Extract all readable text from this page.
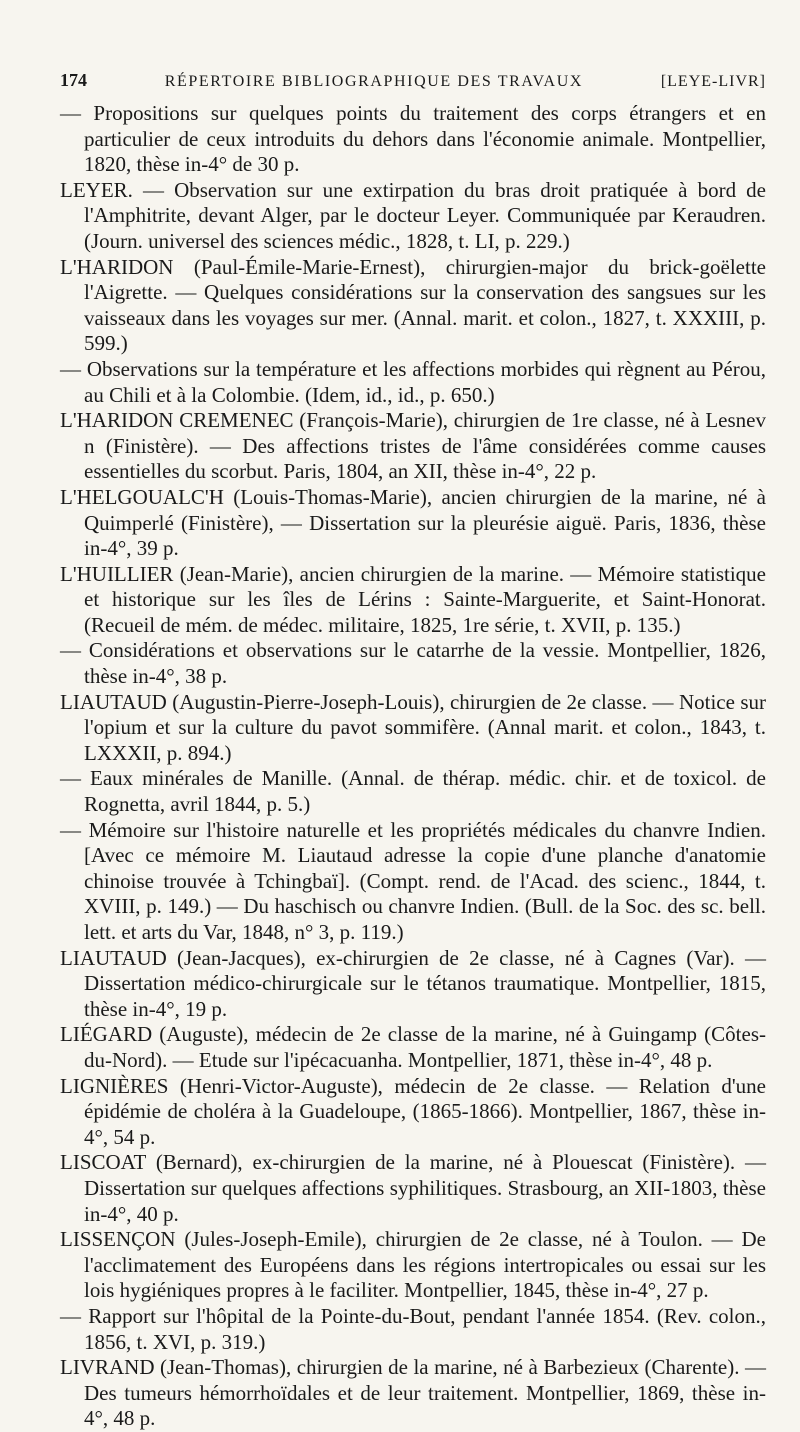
174	RÉPERTOIRE BIBLIOGRAPHIQUE DES TRAVAUX	[LEYE-LIVR]

— Propositions sur quelques points du traitement des corps étrangers et en particulier de ceux introduits du dehors dans l'économie animale. Montpellier, 1820, thèse in-4° de 30 p.

LEYER. — Observation sur une extirpation du bras droit pratiquée à bord de l'Amphitrite, devant Alger, par le docteur Leyer. Communiquée par Keraudren. (Journ. universel des sciences médic., 1828, t. LI, p. 229.)

L'HARIDON (Paul-Émile-Marie-Ernest), chirurgien-major du brick-goëlette l'Aigrette. — Quelques considérations sur la conservation des sangsues sur les vaisseaux dans les voyages sur mer. (Annal. marit. et colon., 1827, t. XXXIII, p. 599.)

— Observations sur la température et les affections morbides qui règnent au Pérou, au Chili et à la Colombie. (Idem, id., id., p. 650.)

L'HARIDON CREMENEC (François-Marie), chirurgien de 1re classe, né à Lesnev n (Finistère). — Des affections tristes de l'âme considérées comme causes essentielles du scorbut. Paris, 1804, an XII, thèse in-4°, 22 p.

L'HELGOUALC'H (Louis-Thomas-Marie), ancien chirurgien de la marine, né à Quimperlé (Finistère), — Dissertation sur la pleurésie aiguë. Paris, 1836, thèse in-4°, 39 p.

L'HUILLIER (Jean-Marie), ancien chirurgien de la marine. — Mémoire statistique et historique sur les îles de Lérins : Sainte-Marguerite, et Saint-Honorat. (Recueil de mém. de médec. militaire, 1825, 1re série, t. XVII, p. 135.)

— Considérations et observations sur le catarrhe de la vessie. Montpellier, 1826, thèse in-4°, 38 p.

LIAUTAUD (Augustin-Pierre-Joseph-Louis), chirurgien de 2e classe. — Notice sur l'opium et sur la culture du pavot sommifère. (Annal marit. et colon., 1843, t. LXXXII, p. 894.)

— Eaux minérales de Manille. (Annal. de thérap. médic. chir. et de toxicol. de Rognetta, avril 1844, p. 5.)

— Mémoire sur l'histoire naturelle et les propriétés médicales du chanvre Indien. [Avec ce mémoire M. Liautaud adresse la copie d'une planche d'anatomie chinoise trouvée à Tchingbaï]. (Compt. rend. de l'Acad. des scienc., 1844, t. XVIII, p. 149.) — Du haschisch ou chanvre Indien. (Bull. de la Soc. des sc. bell. lett. et arts du Var, 1848, n° 3, p. 119.)

LIAUTAUD (Jean-Jacques), ex-chirurgien de 2e classe, né à Cagnes (Var). — Dissertation médico-chirurgicale sur le tétanos traumatique. Montpellier, 1815, thèse in-4°, 19 p.

LIÉGARD (Auguste), médecin de 2e classe de la marine, né à Guingamp (Côtes-du-Nord). — Etude sur l'ipécacuanha. Montpellier, 1871, thèse in-4°, 48 p.

LIGNIÈRES (Henri-Victor-Auguste), médecin de 2e classe. — Relation d'une épidémie de choléra à la Guadeloupe, (1865-1866). Montpellier, 1867, thèse in-4°, 54 p.

LISCOAT (Bernard), ex-chirurgien de la marine, né à Plouescat (Finistère). — Dissertation sur quelques affections syphilitiques. Strasbourg, an XII-1803, thèse in-4°, 40 p.

LISSENÇON (Jules-Joseph-Emile), chirurgien de 2e classe, né à Toulon. — De l'acclimatement des Européens dans les régions intertropicales ou essai sur les lois hygiéniques propres à le faciliter. Montpellier, 1845, thèse in-4°, 27 p.

— Rapport sur l'hôpital de la Pointe-du-Bout, pendant l'année 1854. (Rev. colon., 1856, t. XVI, p. 319.)

LIVRAND (Jean-Thomas), chirurgien de la marine, né à Barbezieux (Charente). — Des tumeurs hémorrhoïdales et de leur traitement. Montpellier, 1869, thèse in-4°, 48 p.
